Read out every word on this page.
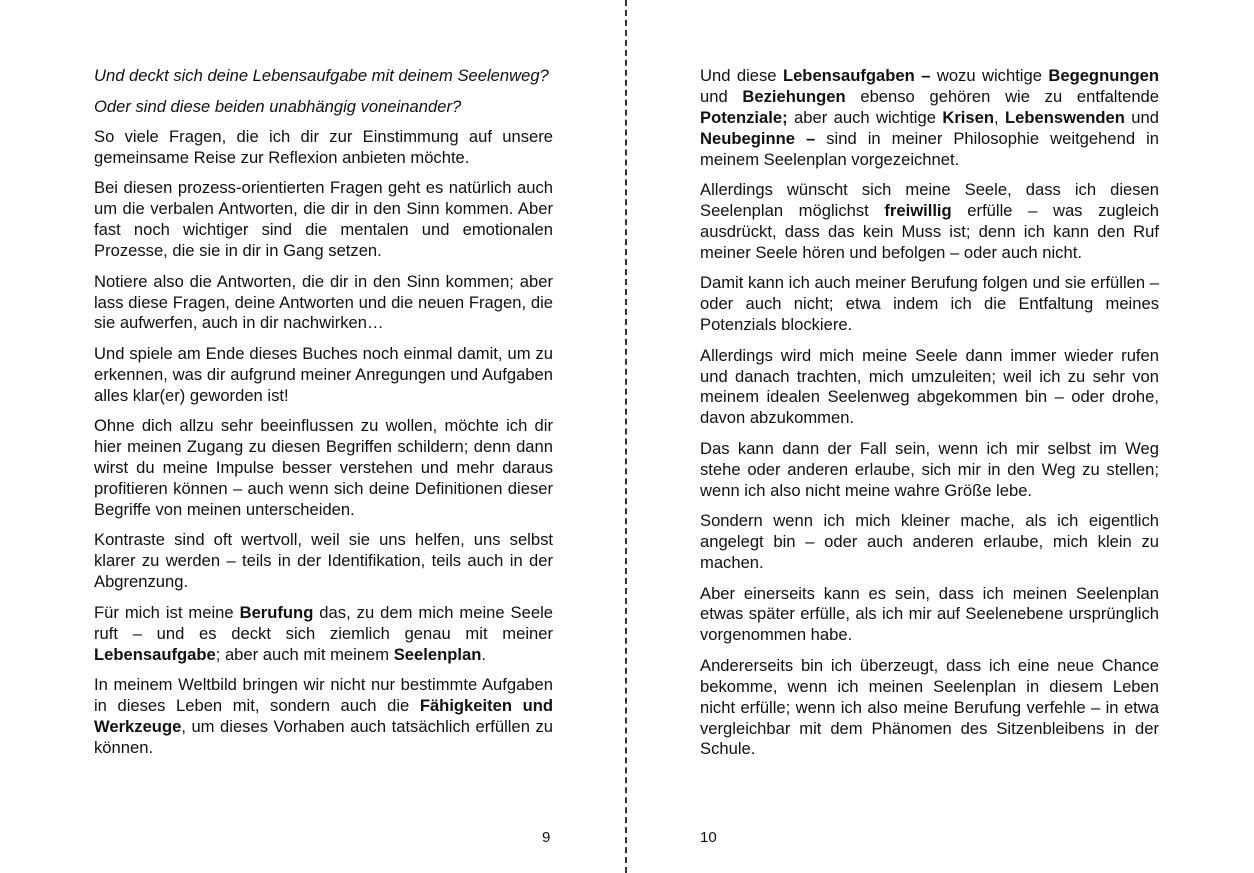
Und deckt sich deine Lebensaufgabe mit deinem Seelenweg?

Oder sind diese beiden unabhängig voneinander?

So viele Fragen, die ich dir zur Einstimmung auf unsere gemeinsame Reise zur Reflexion anbieten möchte.

Bei diesen prozess-orientierten Fragen geht es natürlich auch um die verbalen Antworten, die dir in den Sinn kommen. Aber fast noch wichtiger sind die mentalen und emotionalen Prozesse, die sie in dir in Gang setzen.

Notiere also die Antworten, die dir in den Sinn kommen; aber lass diese Fragen, deine Antworten und die neuen Fragen, die sie aufwerfen, auch in dir nachwirken…

Und spiele am Ende dieses Buches noch einmal damit, um zu erkennen, was dir aufgrund meiner Anregungen und Aufgaben alles klar(er) geworden ist!

Ohne dich allzu sehr beeinflussen zu wollen, möchte ich dir hier meinen Zugang zu diesen Begriffen schildern; denn dann wirst du meine Impulse besser verstehen und mehr daraus profitieren können – auch wenn sich deine Definitionen dieser Begriffe von meinen unterscheiden.

Kontraste sind oft wertvoll, weil sie uns helfen, uns selbst klarer zu werden – teils in der Identifikation, teils auch in der Abgrenzung.

Für mich ist meine Berufung das, zu dem mich meine Seele ruft – und es deckt sich ziemlich genau mit meiner Lebensaufgabe; aber auch mit meinem Seelenplan.

In meinem Weltbild bringen wir nicht nur bestimmte Aufgaben in dieses Leben mit, sondern auch die Fähigkeiten und Werkzeuge, um dieses Vorhaben auch tatsächlich erfüllen zu können.

9

Und diese Lebensaufgaben – wozu wichtige Begegnungen und Beziehungen ebenso gehören wie zu entfaltende Potenziale; aber auch wichtige Krisen, Lebenswenden und Neubeginne – sind in meiner Philosophie weitgehend in meinem Seelenplan vorgezeichnet.

Allerdings wünscht sich meine Seele, dass ich diesen Seelenplan möglichst freiwillig erfülle – was zugleich ausdrückt, dass das kein Muss ist; denn ich kann den Ruf meiner Seele hören und befolgen – oder auch nicht.

Damit kann ich auch meiner Berufung folgen und sie erfüllen – oder auch nicht; etwa indem ich die Entfaltung meines Potenzials blockiere.

Allerdings wird mich meine Seele dann immer wieder rufen und danach trachten, mich umzuleiten; weil ich zu sehr von meinem idealen Seelenweg abgekommen bin – oder drohe, davon abzukommen.

Das kann dann der Fall sein, wenn ich mir selbst im Weg stehe oder anderen erlaube, sich mir in den Weg zu stellen; wenn ich also nicht meine wahre Größe lebe.

Sondern wenn ich mich kleiner mache, als ich eigentlich angelegt bin – oder auch anderen erlaube, mich klein zu machen.

Aber einerseits kann es sein, dass ich meinen Seelenplan etwas später erfülle, als ich mir auf Seelenebene ursprünglich vorgenommen habe.

Andererseits bin ich überzeugt, dass ich eine neue Chance bekomme, wenn ich meinen Seelenplan in diesem Leben nicht erfülle; wenn ich also meine Berufung verfehle – in etwa vergleichbar mit dem Phänomen des Sitzenbleibens in der Schule.

10
